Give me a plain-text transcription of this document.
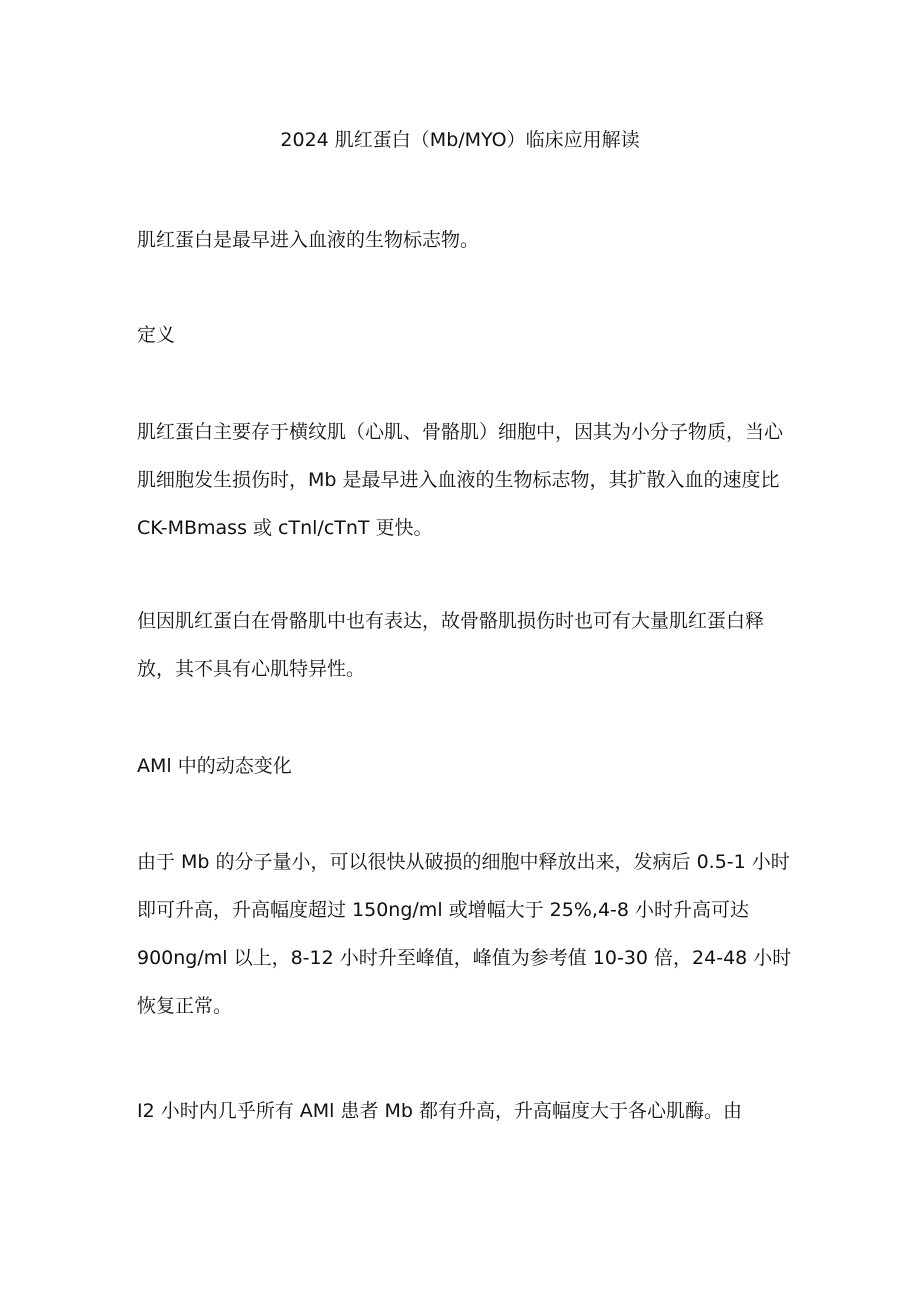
2024 肌红蛋白（Mb/MYO）临床应用解读
肌红蛋白是最早进入血液的生物标志物。
定义
肌红蛋白主要存于横纹肌（心肌、骨骼肌）细胞中，因其为小分子物质，当心
肌细胞发生损伤时，Mb 是最早进入血液的生物标志物，其扩散入血的速度比
CK-MBmass 或 cTnl/cTnT 更快。
但因肌红蛋白在骨骼肌中也有表达，故骨骼肌损伤时也可有大量肌红蛋白释
放，其不具有心肌特异性。
AMl 中的动态变化
由于 Mb 的分子量小，可以很快从破损的细胞中释放出来，发病后 0.5-1 小时
即可升高，升高幅度超过 150ng∕ml 或增幅大于 25%,4-8 小时升高可达
900ng∕ml 以上，8-12 小时升至峰值，峰值为参考值 10-30 倍，24-48 小时
恢复正常。
I2 小时内几乎所有 AMl 患者 Mb 都有升高，升高幅度大于各心肌酶。由
